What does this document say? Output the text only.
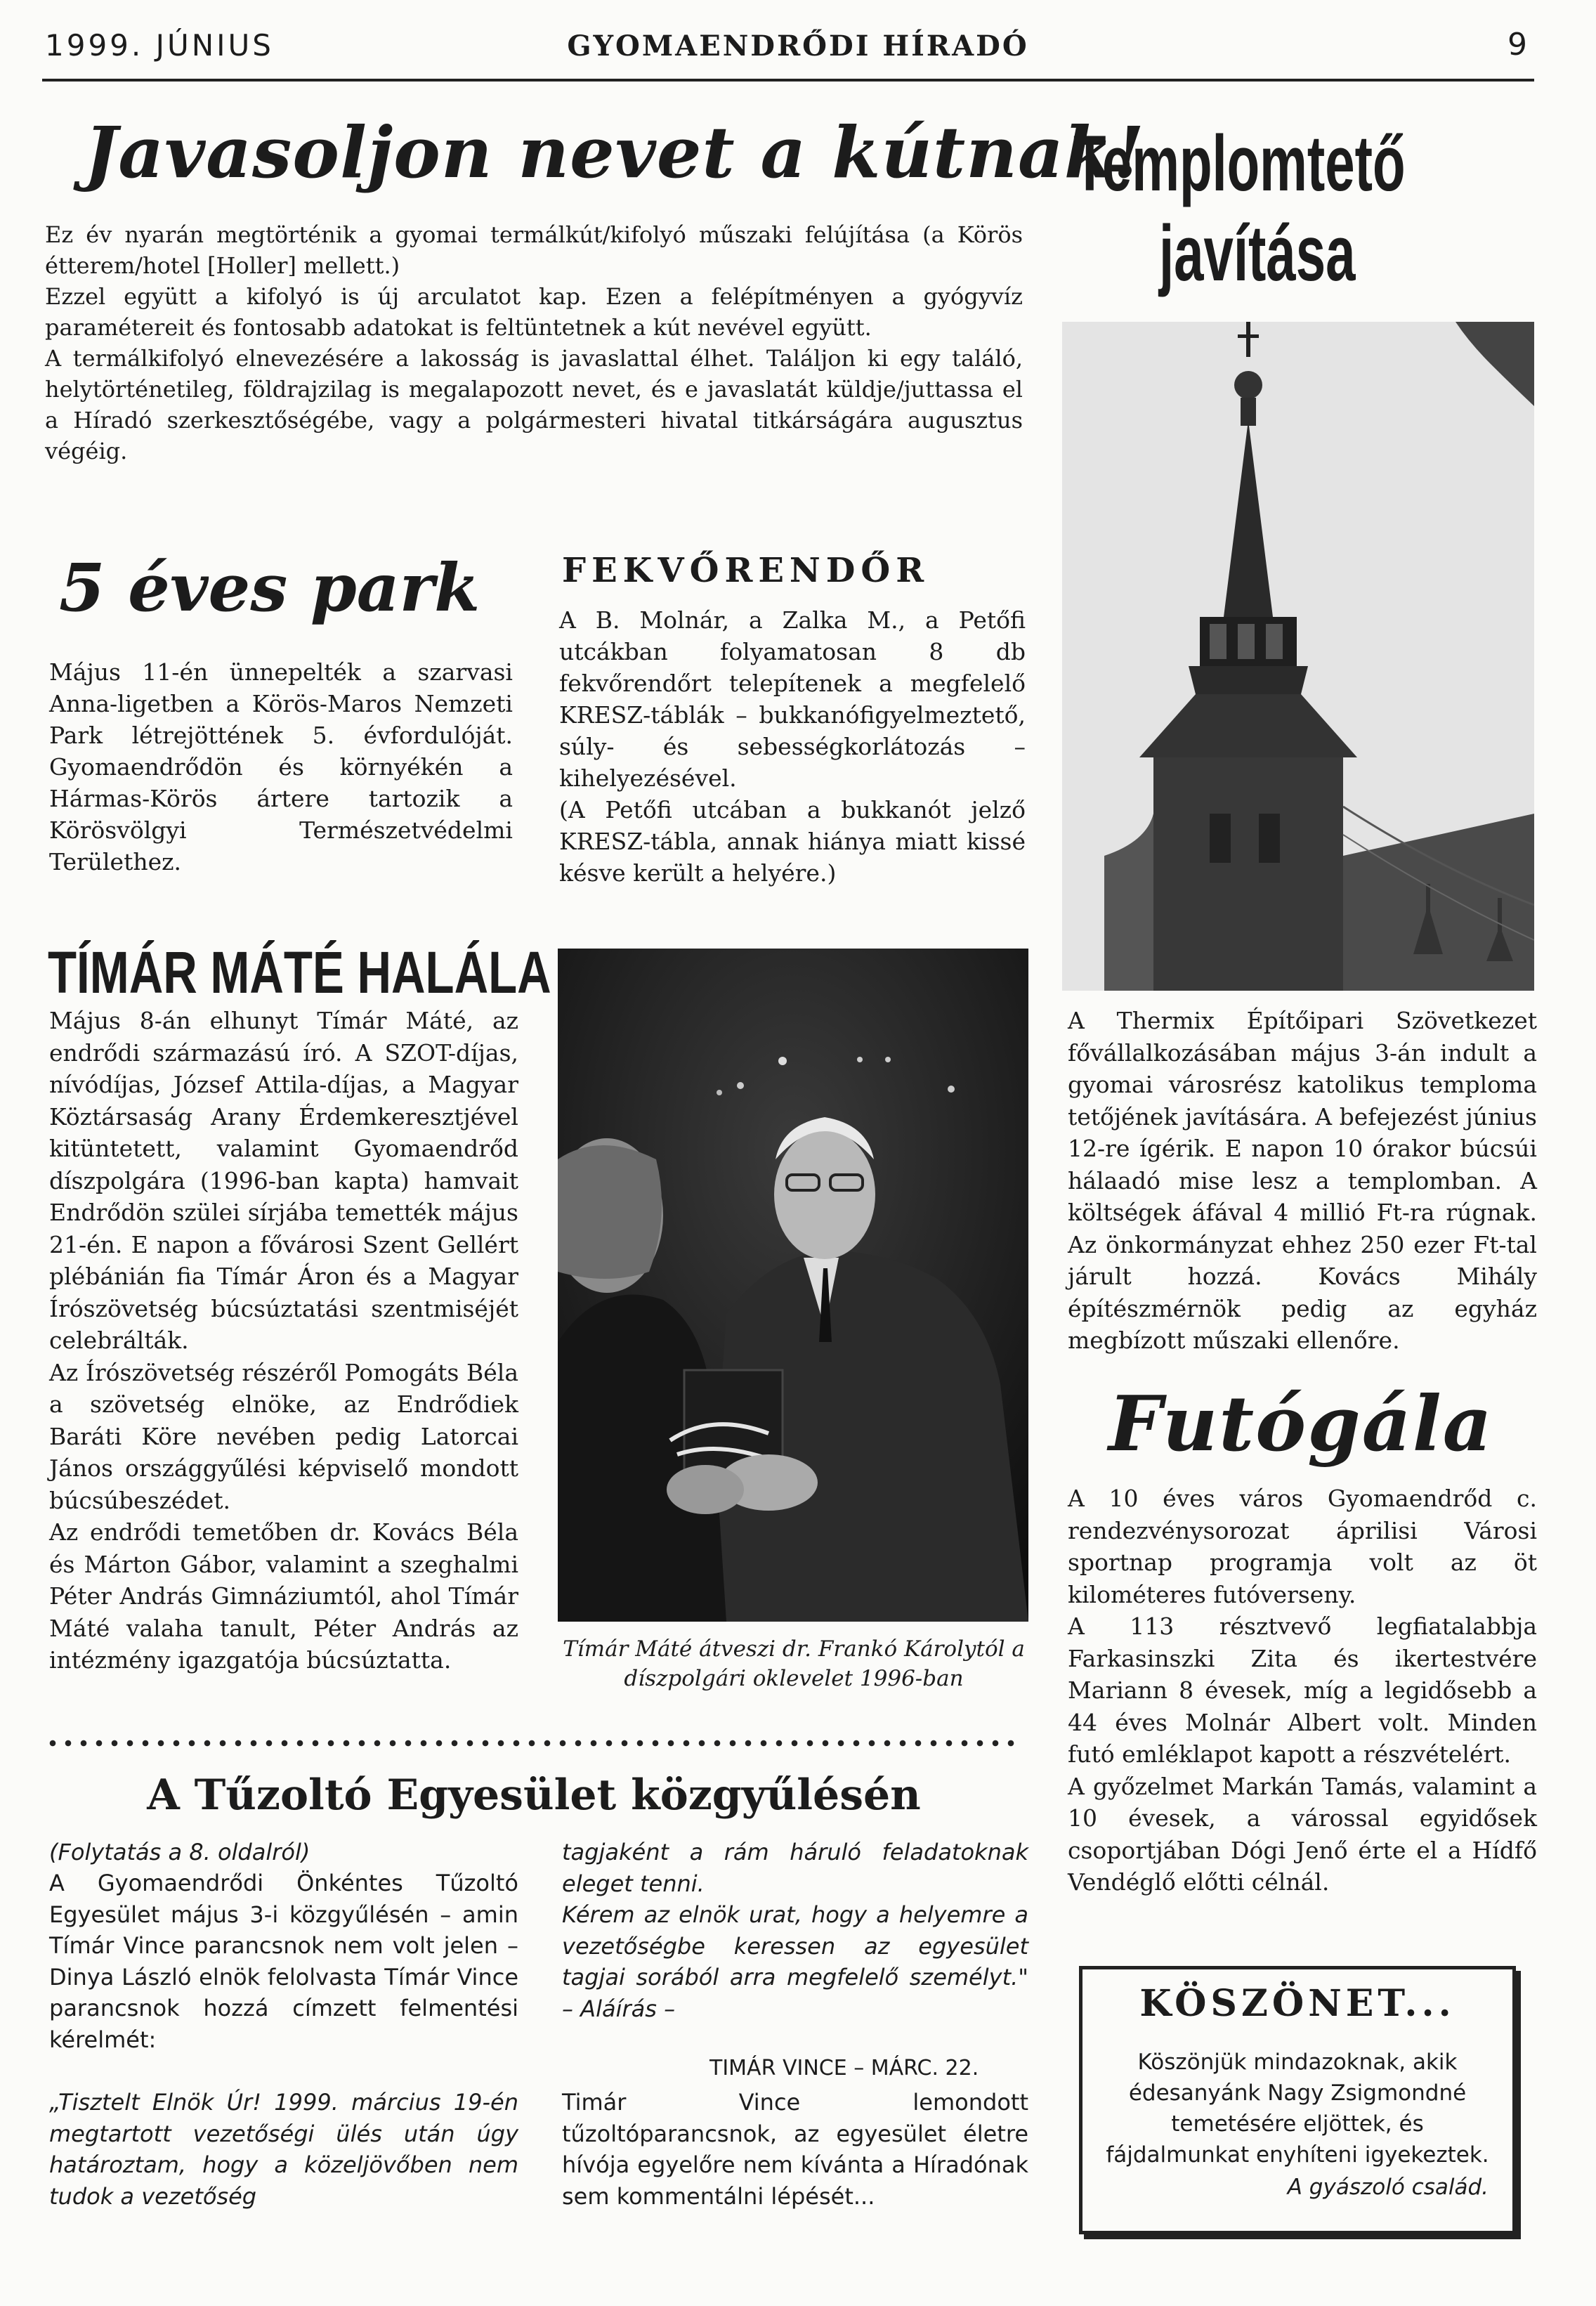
1999. JÚNIUS	GYOMAENDRŐDI HÍRADÓ	9
Javasoljon nevet a kútnak!
Ez év nyarán megtörténik a gyomai termálkút/kifolyó műszaki felújítása (a Körös étterem/hotel [Holler] mellett.)
Ezzel együtt a kifolyó is új arculatot kap. Ezen a felépítményen a gyógyvíz paramétereit és fontosabb adatokat is feltüntetnek a kút nevével együtt.
A termálkifolyó elnevezésére a lakosság is javaslattal élhet. Találjon ki egy találó, helytörténetileg, földrajzilag is megalapozott nevet, és e javaslatát küldje/juttassa el a Híradó szerkesztőségébe, vagy a polgármesteri hivatal titkárságára augusztus végéig.
5 éves park
Május 11-én ünnepelték a szarvasi Anna-ligetben a Körös-Maros Nemzeti Park létrejöttének 5. évfordulóját. Gyomaendrődön és környékén a Hármas-Körös ártere tartozik a Körösvölgyi Természetvédelmi Területhez.
FEKVŐRENDŐR
A B. Molnár, a Zalka M., a Petőfi utcákban folyamatosan 8 db fekvőrendőrt telepítenek a megfelelő KRESZ-táblák – bukkanófigyelmeztető, súly- és sebességkorlátozás – kihelyezésével.
(A Petőfi utcában a bukkanót jelző KRESZ-tábla, annak hiánya miatt kissé késve került a helyére.)
TÍMÁR MÁTÉ HALÁLA
Május 8-án elhunyt Tímár Máté, az endrődi származású író. A SZOT-díjas, nívódíjas, József Attila-díjas, a Magyar Köztársaság Arany Érdemkeresztjével kitüntetett, valamint Gyomaendrőd díszpolgára (1996-ban kapta) hamvait Endrődön szülei sírjába temették május 21-én. E napon a fővárosi Szent Gellért plébánián fia Tímár Áron és a Magyar Írószövetség búcsúztatási szentmiséjét celebrálták.
Az Írószövetség részéről Pomogáts Béla a szövetség elnöke, az Endrődiek Baráti Köre nevében pedig Latorcai János országgyűlési képviselő mondott búcsúbeszédet.
Az endrődi temetőben dr. Kovács Béla és Márton Gábor, valamint a szeghalmi Péter András Gimnáziumtól, ahol Tímár Máté valaha tanult, Péter András az intézmény igazgatója búcsúztatta.	Tímár Máté átveszi dr. Frankó Károlytól a díszpolgári oklevelet 1996-ban
Templomtető
javítása
A Thermix Építőipari Szövetkezet fővállalkozásában május 3-án indult a gyomai városrész katolikus temploma tetőjének javítására. A befejezést június 12-re ígérik. E napon 10 órakor búcsúi hálaadó mise lesz a templomban. A költségek áfával 4 millió Ft-ra rúgnak. Az önkormányzat ehhez 250 ezer Ft-tal járult hozzá. Kovács Mihály építészmérnök pedig az egyház megbízott műszaki ellenőre.
Futógála
A 10 éves város Gyomaendrőd c. rendezvénysorozat áprilisi Városi sportnap programja volt az öt kilométeres futóverseny.
A 113 résztvevő legfiatalabbja Farkasinszki Zita és ikertestvére Mariann 8 évesek, míg a legidősebb a 44 éves Molnár Albert volt. Minden futó emléklapot kapott a részvételért.
A győzelmet Markán Tamás, valamint a 10 évesek, a várossal egyidősek csoportjában Dógi Jenő érte el a Hídfő Vendéglő előtti célnál.
A Tűzoltó Egyesület közgyűlésén
(Folytatás a 8. oldalról)
A Gyomaendrődi Önkéntes Tűzoltó Egyesület május 3-i közgyűlésén – amin Tímár Vince parancsnok nem volt jelen – Dinya László elnök felolvasta Tímár Vince parancsnok hozzá címzett felmentési kérelmét:
„Tisztelt Elnök Úr! 1999. március 19-én megtartott vezetőségi ülés után úgy határoztam, hogy a közeljövőben nem tudok a vezetőség
tagjaként a rám háruló feladatoknak eleget tenni.
Kérem az elnök urat, hogy a helyemre a vezetőségbe keressen az egyesület tagjai sorából arra megfelelő személyt." – Aláírás –
TIMÁR VINCE – MÁRC. 22.
Timár Vince lemondott tűzoltóparancsnok, az egyesület életre hívója egyelőre nem kívánta a Híradónak sem kommentálni lépését...
KÖSZÖNET...
Köszönjük mindazoknak, akik édesanyánk Nagy Zsigmondné temetésére eljöttek, és fájdalmunkat enyhíteni igyekeztek.
A gyászoló család.
